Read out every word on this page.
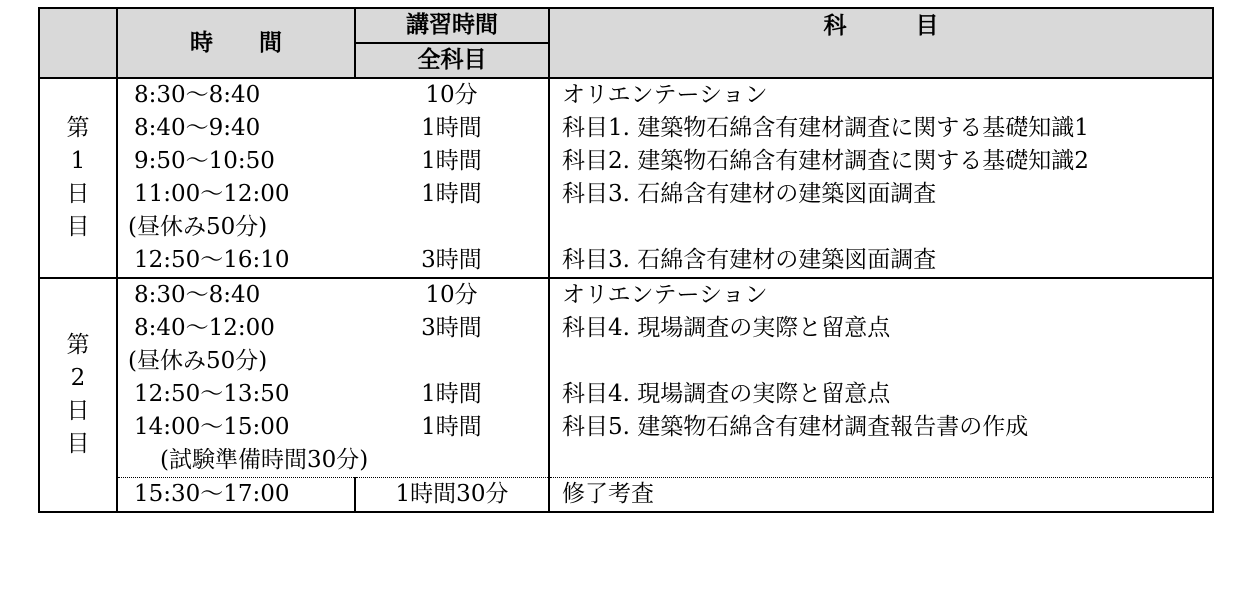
	時　　間	講習時間	科　　　目
		全科目	

第
1
日
目	8:30～8:40	10分	オリエンテーション
	8:40～9:40	1時間	科目1. 建築物石綿含有建材調査に関する基礎知識1
	9:50～10:50	1時間	科目2. 建築物石綿含有建材調査に関する基礎知識2
	11:00～12:00	1時間	科目3. 石綿含有建材の建築図面調査
	(昼休み50分)		
	12:50～16:10	3時間	科目3. 石綿含有建材の建築図面調査

第
2
日
目	8:30～8:40	10分	オリエンテーション
	8:40～12:00	3時間	科目4. 現場調査の実際と留意点
	(昼休み50分)		
	12:50～13:50	1時間	科目4. 現場調査の実際と留意点
	14:00～15:00	1時間	科目5. 建築物石綿含有建材調査報告書の作成
	(試験準備時間30分)		
	15:30～17:00	1時間30分	修了考査
